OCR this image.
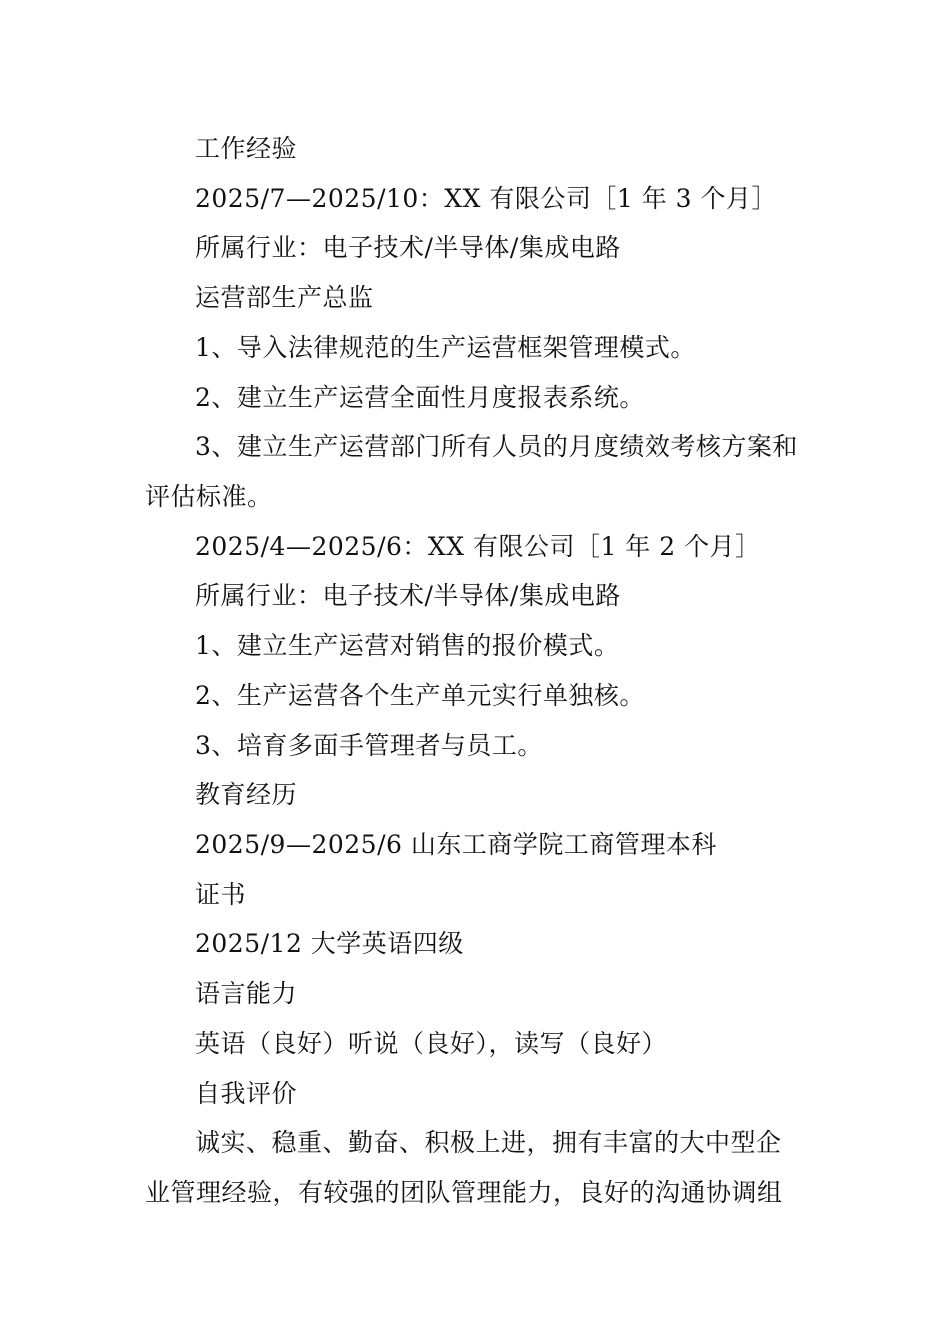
工作经验
2025/7—2025/10：XX 有限公司［1 年 3 个月］
所属行业：电子技术/半导体/集成电路
运营部生产总监
1、导入法律规范的生产运营框架管理模式。
2、建立生产运营全面性月度报表系统。
3、建立生产运营部门所有人员的月度绩效考核方案和
评估标准。
2025/4—2025/6：XX 有限公司［1 年 2 个月］
所属行业：电子技术/半导体/集成电路
1、建立生产运营对销售的报价模式。
2、生产运营各个生产单元实行单独核。
3、培育多面手管理者与员工。
教育经历
2025/9—2025/6 山东工商学院工商管理本科
证书
2025/12 大学英语四级
语言能力
英语（良好）听说（良好），读写（良好）
自我评价
诚实、稳重、勤奋、积极上进，拥有丰富的大中型企
业管理经验，有较强的团队管理能力，良好的沟通协调组
